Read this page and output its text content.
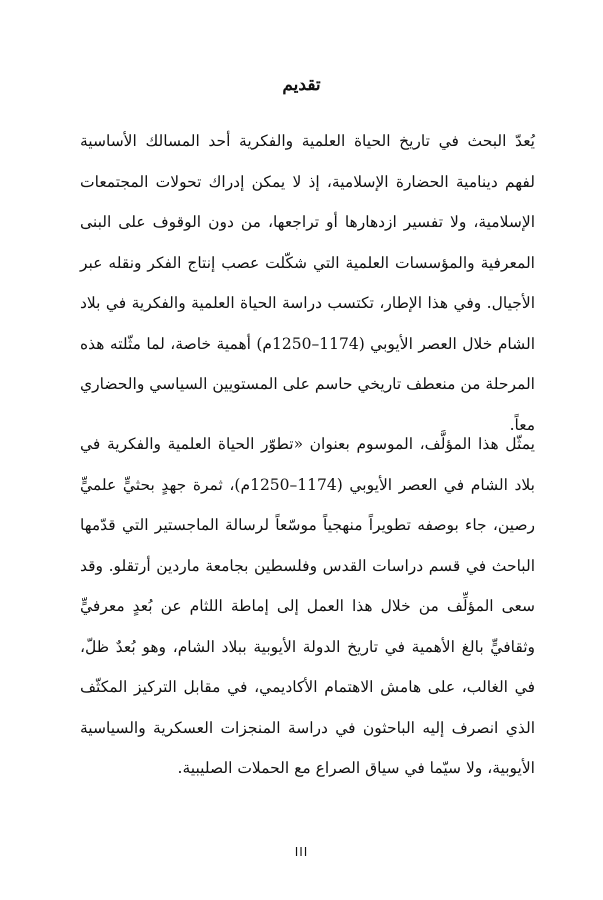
تقديم

يُعدّ البحث في تاريخ الحياة العلمية والفكرية أحد المسالك الأساسية لفهم دينامية الحضارة الإسلامية، إذ لا يمكن إدراك تحولات المجتمعات الإسلامية، ولا تفسير ازدهارها أو تراجعها، من دون الوقوف على البنى المعرفية والمؤسسات العلمية التي شكّلت عصب إنتاج الفكر ونقله عبر الأجيال. وفي هذا الإطار، تكتسب دراسة الحياة العلمية والفكرية في بلاد الشام خلال العصر الأيوبي (1174–1250م) أهمية خاصة، لما مثّلته هذه المرحلة من منعطف تاريخي حاسم على المستويين السياسي والحضاري معاً.

يمثّل هذا المؤلَّف، الموسوم بعنوان «تطوّر الحياة العلمية والفكرية في بلاد الشام في العصر الأيوبي (1174–1250م)، ثمرة جهدٍ بحثيٍّ علميٍّ رصين، جاء بوصفه تطويراً منهجياً موسّعاً لرسالة الماجستير التي قدّمها الباحث في قسم دراسات القدس وفلسطين بجامعة ماردين أرتقلو. وقد سعى المؤلِّف من خلال هذا العمل إلى إماطة اللثام عن بُعدٍ معرفيٍّ وثقافيٍّ بالغ الأهمية في تاريخ الدولة الأيوبية ببلاد الشام، وهو بُعدٌ ظلّ، في الغالب، على هامش الاهتمام الأكاديمي، في مقابل التركيز المكثّف الذي انصرف إليه الباحثون في دراسة المنجزات العسكرية والسياسية الأيوبية، ولا سيّما في سياق الصراع مع الحملات الصليبية.

III
